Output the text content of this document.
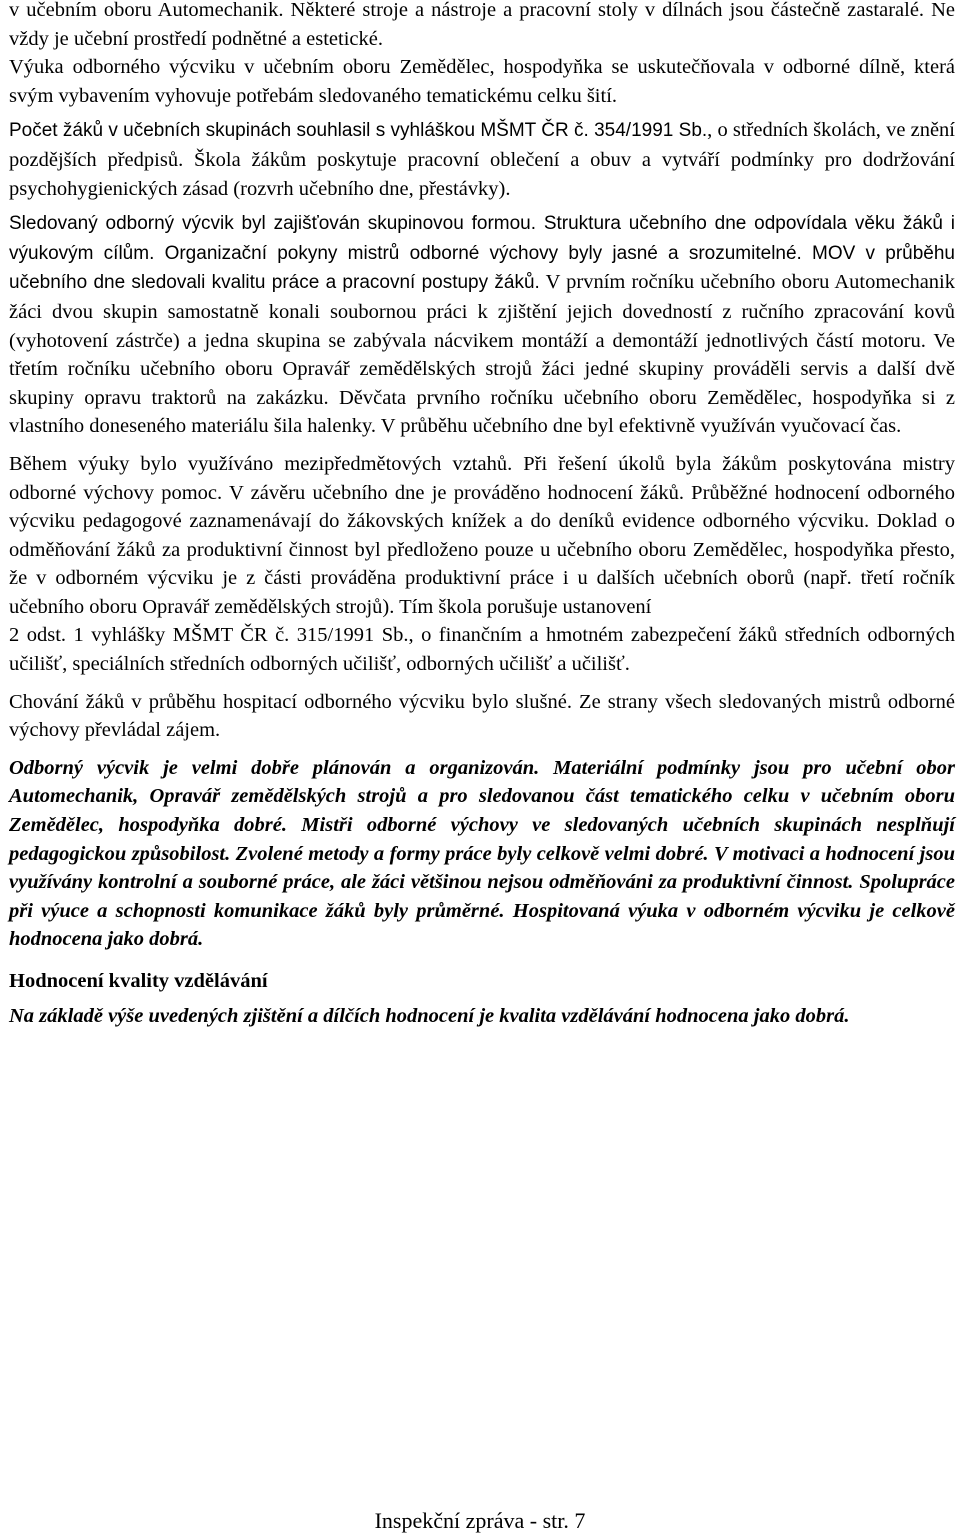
v učebním oboru Automechanik. Některé stroje a nástroje a pracovní stoly v dílnách jsou částečně zastaralé. Ne vždy je učební prostředí podnětné a estetické.

Výuka odborného výcviku v učebním oboru Zemědělec, hospodyňka se uskutečňovala v odborné dílně, která svým vybavením vyhovuje potřebám sledovaného tematickému celku šití.

Počet žáků v učebních skupinách souhlasil s vyhláškou MŠMT ČR č. 354/1991 Sb., o středních školách, ve znění pozdějších předpisů. Škola žákům poskytuje pracovní oblečení a obuv a vytváří podmínky pro dodržování psychohygienických zásad (rozvrh učebního dne, přestávky).

Sledovaný odborný výcvik byl zajišťován skupinovou formou. Struktura učebního dne odpovídala věku žáků i výukovým cílům. Organizační pokyny mistrů odborné výchovy byly jasné a srozumitelné. MOV v průběhu učebního dne sledovali kvalitu práce a pracovní postupy žáků. V prvním ročníku učebního oboru Automechanik žáci dvou skupin samostatně konali soubornou práci k zjištění jejich dovedností z ručního zpracování kovů (vyhotovení zástrče) a jedna skupina se zabývala nácvikem montáží a demontáží jednotlivých částí motoru. Ve třetím ročníku učebního oboru Opravář zemědělských strojů žáci jedné skupiny prováděli servis a další dvě skupiny opravu traktorů na zakázku. Děvčata prvního ročníku učebního oboru Zemědělec, hospodyňka si z vlastního doneseného materiálu šila halenky. V průběhu učebního dne byl efektivně využíván vyučovací čas.

Během výuky bylo využíváno mezipředmětových vztahů. Při řešení úkolů byla žákům poskytována mistry odborné výchovy pomoc. V závěru učebního dne je prováděno hodnocení žáků. Průběžné hodnocení odborného výcviku pedagogové zaznamenávají do žákovských knížek a do deníků evidence odborného výcviku. Doklad o odměňování žáků za produktivní činnost byl předloženo pouze u učebního oboru Zemědělec, hospodyňka přesto, že v odborném výcviku je z části prováděna produktivní práce i u dalších učebních oborů (např. třetí ročník učebního oboru Opravář zemědělských strojů). Tím škola porušuje ustanovení
2 odst. 1 vyhlášky MŠMT ČR č. 315/1991 Sb., o finančním a hmotném zabezpečení žáků středních odborných učilišť, speciálních středních odborných učilišť, odborných učilišť a učilišť.

Chování žáků v průběhu hospitací odborného výcviku bylo slušné. Ze strany všech sledovaných mistrů odborné výchovy převládal zájem.

Odborný výcvik je velmi dobře plánován a organizován. Materiální podmínky jsou pro učební obor Automechanik, Opravář zemědělských strojů a pro sledovanou část tematického celku v učebním oboru Zemědělec, hospodyňka dobré. Mistři odborné výchovy ve sledovaných učebních skupinách nesplňují pedagogickou způsobilost. Zvolené metody a formy práce byly celkově velmi dobré. V motivaci a hodnocení jsou využívány kontrolní a souborné práce, ale žáci většinou nejsou odměňováni za produktivní činnost. Spolupráce při výuce a schopnosti komunikace žáků byly průměrné. Hospitovaná výuka v odborném výcviku je celkově hodnocena jako dobrá.

Hodnocení kvality vzdělávání

Na základě výše uvedených zjištění a dílčích hodnocení je kvalita vzdělávání hodnocena jako dobrá.

Inspekční zpráva - str. 7
